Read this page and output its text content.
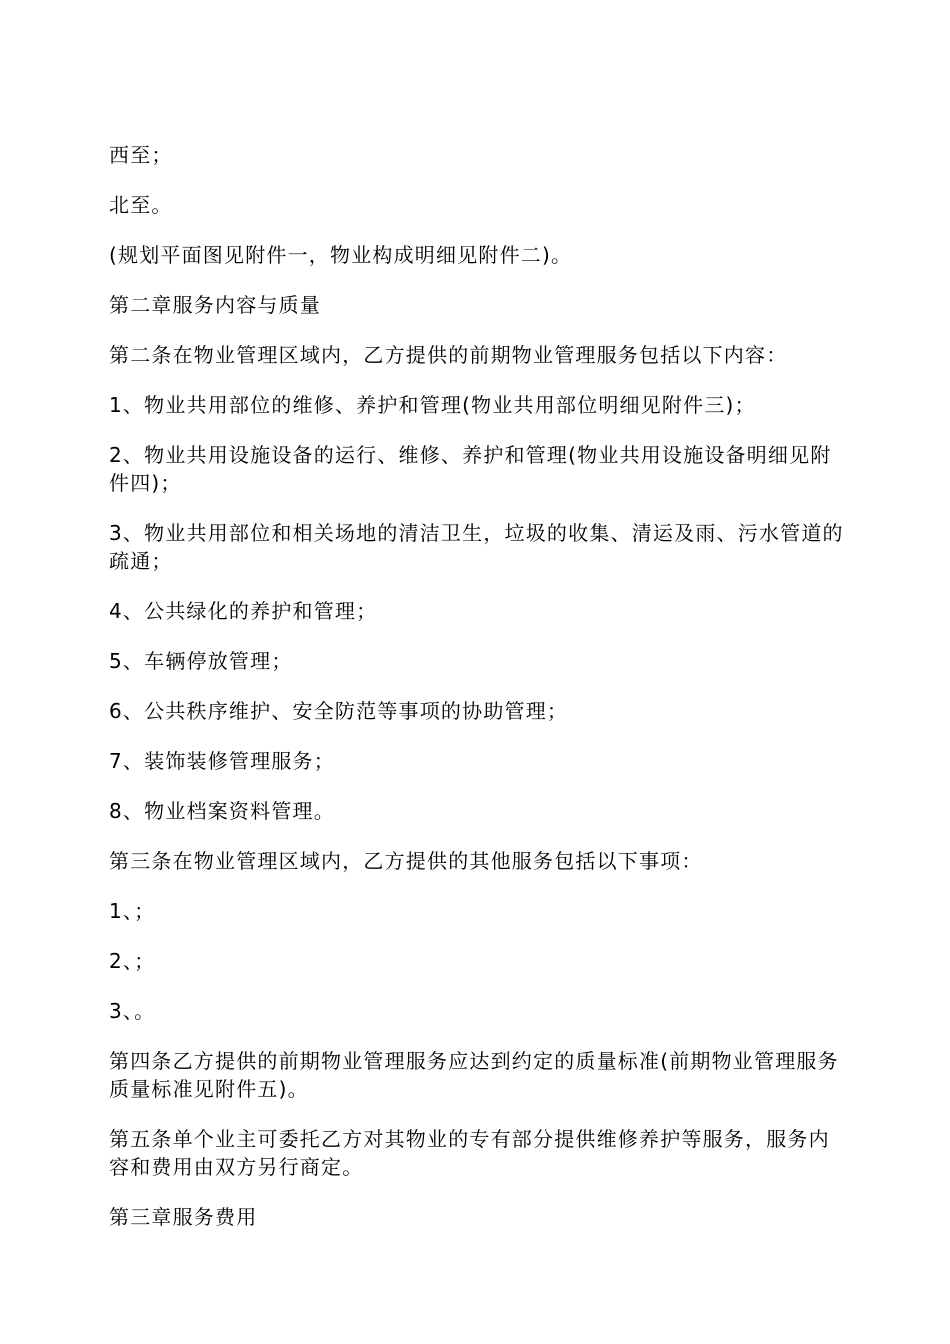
西至；

北至。

(规划平面图见附件一，物业构成明细见附件二)。

第二章服务内容与质量

第二条在物业管理区域内，乙方提供的前期物业管理服务包括以下内容：

1、物业共用部位的维修、养护和管理(物业共用部位明细见附件三)；

2、物业共用设施设备的运行、维修、养护和管理(物业共用设施设备明细见附件四)；

3、物业共用部位和相关场地的清洁卫生，垃圾的收集、清运及雨、污水管道的疏通；

4、公共绿化的养护和管理；

5、车辆停放管理；

6、公共秩序维护、安全防范等事项的协助管理；

7、装饰装修管理服务；

8、物业档案资料管理。

第三条在物业管理区域内，乙方提供的其他服务包括以下事项：

1、；

2、；

3、。

第四条乙方提供的前期物业管理服务应达到约定的质量标准(前期物业管理服务质量标准见附件五)。

第五条单个业主可委托乙方对其物业的专有部分提供维修养护等服务，服务内容和费用由双方另行商定。

第三章服务费用
